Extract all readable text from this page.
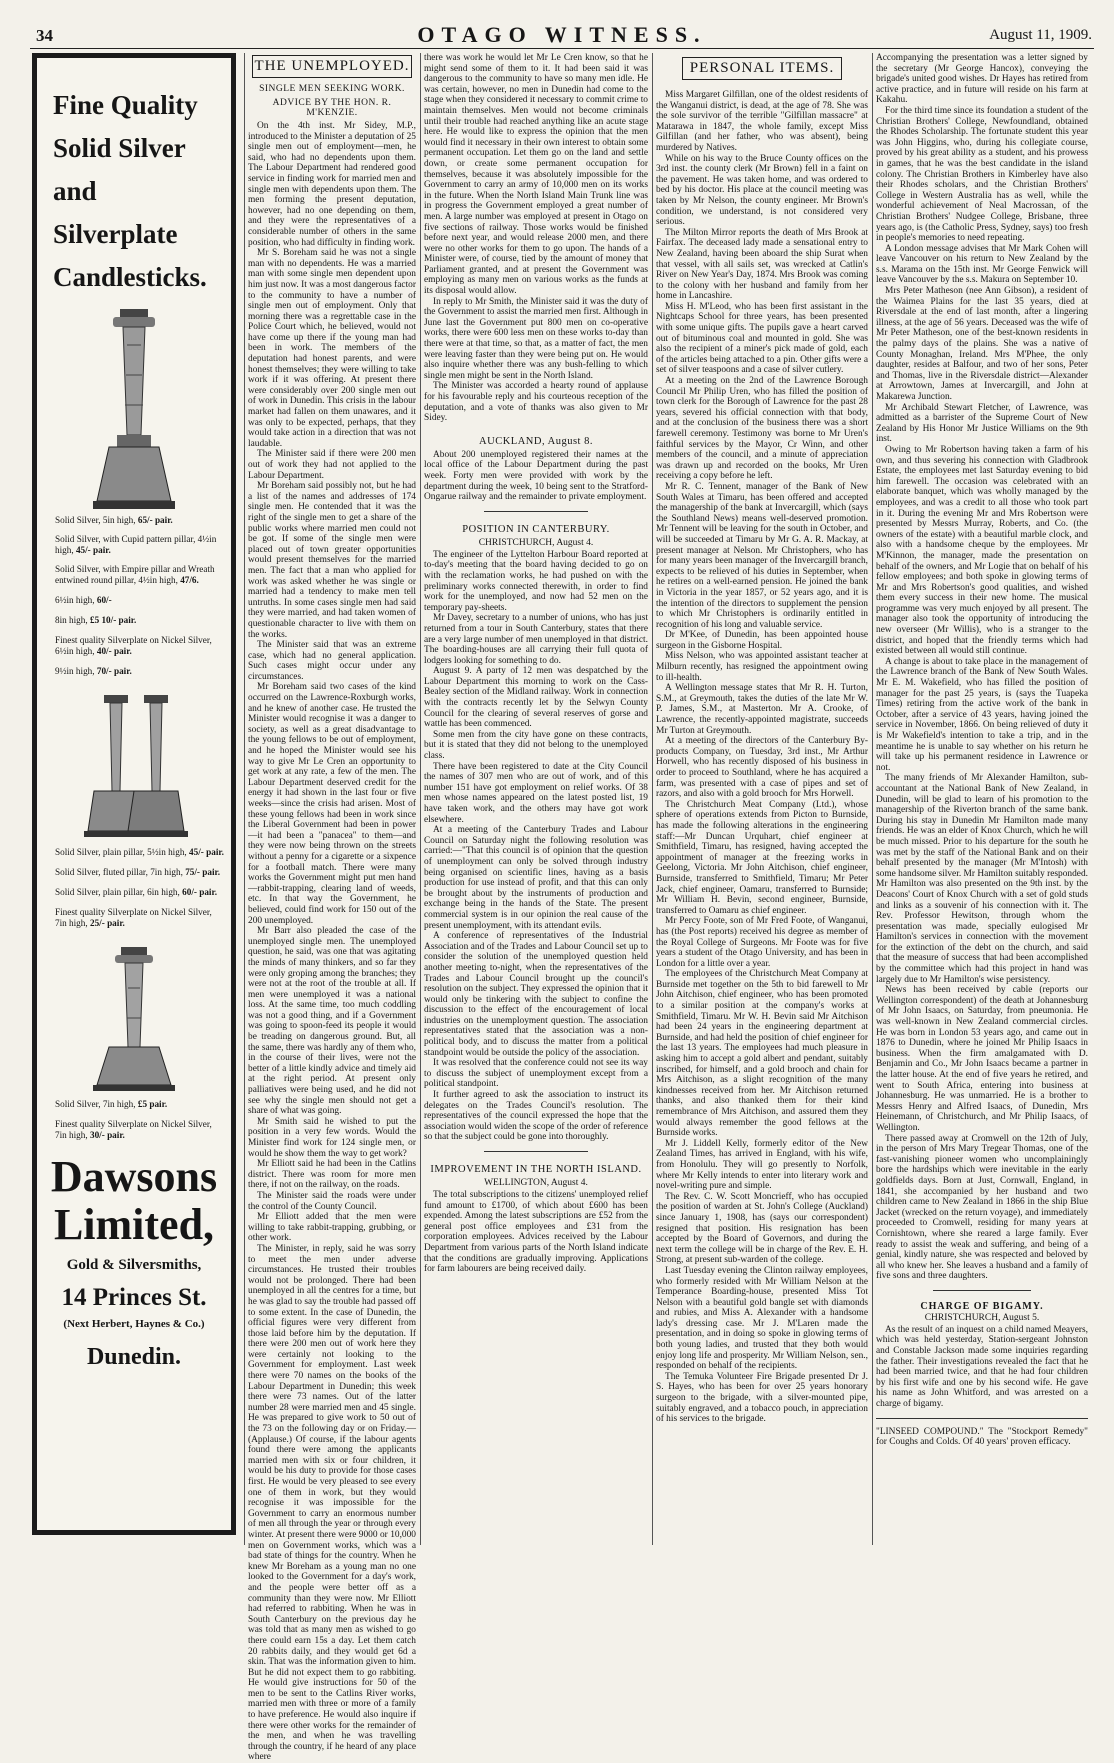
34	OTAGO WITNESS.	August 11, 1909.
Fine Quality
Solid Silver and
Silverplate
Candlesticks.
Solid Silver, 5in high, 65/- pair.
Solid Silver, with Cupid pattern pillar, 4½in high, 45/- pair.
Solid Silver, with Empire pillar and Wreath entwined round pillar, 4½in high, 47/6.
6½in high, 60/-
8in high, £5 10/- pair.
Finest quality Silverplate on Nickel Silver, 6½in high, 40/- pair.
9½in high, 70/- pair.
Solid Silver, plain pillar, 5½in high, 45/- pair.
Solid Silver, fluted pillar, 7in high, 75/- pair.
Solid Silver, plain pillar, 6in high, 60/- pair.
Finest quality Silverplate on Nickel Silver, 7in high, 25/- pair.
Solid Silver, 7in high, £5 pair.
Finest quality Silverplate on Nickel Silver, 7in high, 30/- pair.
Dawsons
Limited,
Gold & Silversmiths,
14 Princes St.
(Next Herbert, Haynes & Co.)
Dunedin.
THE UNEMPLOYED.
SINGLE MEN SEEKING WORK.
ADVICE BY THE HON. R. M'KENZIE.

On the 4th inst. Mr Sidey, M.P., introduced to the Minister a deputation of 25 single men out of employment—men, he said, who had no dependents upon them. The Labour Department had rendered good service in finding work for married men and single men with dependents upon them. The men forming the present deputation, however, had no one depending on them, and they were the representatives of a considerable number of others in the same position, who had difficulty in finding work.

Mr S. Boreham said he was not a single man with no dependents. He was a married man with some single men dependent upon him just now. It was a most dangerous factor to the community to have a number of single men out of employment. Only that morning there was a regrettable case in the Police Court which, he believed, would not have come up there if the young man had been in work. The members of the deputation had honest parents, and were honest themselves; they were willing to take work if it was offering. At present there were considerably over 200 single men out of work in Dunedin. This crisis in the labour market had fallen on them unawares, and it was only to be expected, perhaps, that they would take action in a direction that was not laudable.

The Minister said if there were 200 men out of work they had not applied to the Labour Department.

Mr Boreham said possibly not, but he had a list of the names and addresses of 174 single men. He contended that it was the right of the single men to get a share of the public works where married men could not be got. If some of the single men were placed out of town greater opportunities would present themselves for the married men. The fact that a man who applied for work was asked whether he was single or married had a tendency to make men tell untruths. In some cases single men had said they were married, and had taken women of questionable character to live with them on the works.

The Minister said that was an extreme case, which had no general application. Such cases might occur under any circumstances.

Mr Boreham said two cases of the kind occurred on the Lawrence-Roxburgh works, and he knew of another case. He trusted the Minister would recognise it was a danger to society, as well as a great disadvantage to the young fellows to be out of employment, and he hoped the Minister would see his way to give Mr Le Cren an opportunity to get work at any rate, a few of the men. The Labour Department deserved credit for the energy it had shown in the last four or five weeks—since the crisis had arisen. Most of these young fellows had been in work since the Liberal Government had been in power—it had been a "panacea" to them—and they were now being thrown on the streets without a penny for a cigarette or a sixpence for a football match. There were many works the Government might put men hand—rabbit-trapping, clearing land of weeds, etc. In that way the Government, he believed, could find work for 150 out of the 200 unemployed.

Mr Barr also pleaded the case of the unemployed single men. The unemployed question, he said, was one that was agitating the minds of many thinkers, and so far they were only groping among the branches; they were not at the root of the trouble at all. If men were unemployed it was a national loss. At the same time, too much coddling was not a good thing, and if a Government was going to spoon-feed its people it would be treading on dangerous ground. But, all the same, there was hardly any of them who, in the course of their lives, were not the better of a little kindly advice and timely aid at the right period. At present only palliatives were being used, and he did not see why the single men should not get a share of what was going.

Mr Smith said he wished to put the position in a very few words. Would the Minister find work for 124 single men, or would he show them the way to get work?

Mr Elliott said he had been in the Catlins district. There was room for more men there, if not on the railway, on the roads.

The Minister said the roads were under the control of the County Council.

Mr Elliott added that the men were willing to take rabbit-trapping, grubbing, or other work.

The Minister, in reply, said he was sorry to meet the men under adverse circumstances. He trusted their troubles would not be prolonged. There had been unemployed in all the centres for a time, but he was glad to say the trouble had passed off to some extent. In the case of Dunedin, the official figures were very different from those laid before him by the deputation. If there were 200 men out of work here they were certainly not looking to the Government for employment. Last week there were 70 names on the books of the Labour Department in Dunedin; this week there were 73 names. Out of the latter number 28 were married men and 45 single. He was prepared to give work to 50 out of the 73 on the following day or on Friday.—(Applause.) Of course, if the labour agents found there were among the applicants married men with six or four children, it would be his duty to provide for those cases first. He would be very pleased to see every one of them in work, but they would recognise it was impossible for the Government to carry an enormous number of men all through the year or through every winter. At present there were 9000 or 10,000 men on Government works, which was a bad state of things for the country. When he knew Mr Boreham as a young man no one looked to the Government for a day's work, and the people were better off as a community than they were now. Mr Elliott had referred to rabbiting. When he was in South Canterbury on the previous day he was told that as many men as wished to go there could earn 15s a day. Let them catch 20 rabbits daily, and they would get 6d a skin. That was the information given to him. But he did not expect them to go rabbiting. He would give instructions for 50 of the men to be sent to the Catlins River works, married men with three or more of a family to have preference. He would also inquire if there were other works for the remainder of the men, and when he was travelling through the country, if he heard of any place where

there was work he would let Mr Le Cren know, so that he might send some of them to it. It had been said it was dangerous to the community to have so many men idle. He was certain, however, no men in Dunedin had come to the stage when they considered it necessary to commit crime to maintain themselves. Men would not become criminals until their trouble had reached anything like an acute stage here. He would like to express the opinion that the men would find it necessary in their own interest to obtain some permanent occupation. Let them go on the land and settle down, or create some permanent occupation for themselves, because it was absolutely impossible for the Government to carry an army of 10,000 men on its works in the future. When the North Island Main Trunk line was in progress the Government employed a great number of men. A large number was employed at present in Otago on five sections of railway. Those works would be finished before next year, and would release 2000 men, and there were no other works for them to go upon. The hands of a Minister were, of course, tied by the amount of money that Parliament granted, and at present the Government was employing as many men on various works as the funds at its disposal would allow.

In reply to Mr Smith, the Minister said it was the duty of the Government to assist the married men first. Although in June last the Government put 800 men on co-operative works, there were 600 less men on these works to-day than there were at that time, so that, as a matter of fact, the men were leaving faster than they were being put on. He would also inquire whether there was any bush-felling to which single men might be sent in the North Island.

The Minister was accorded a hearty round of applause for his favourable reply and his courteous reception of the deputation, and a vote of thanks was also given to Mr Sidey.

AUCKLAND, August 8.

About 200 unemployed registered their names at the local office of the Labour Department during the past week. Forty men were provided with work by the department during the week, 10 being sent to the Stratford-Ongarue railway and the remainder to private employment.

POSITION IN CANTERBURY.
CHRISTCHURCH, August 4.

The engineer of the Lyttelton Harbour Board reported at to-day's meeting that the board having decided to go on with the reclamation works, he had pushed on with the preliminary works connected therewith, in order to find work for the unemployed, and now had 52 men on the temporary pay-sheets.

Mr Davey, secretary to a number of unions, who has just returned from a tour in South Canterbury, states that there are a very large number of men unemployed in that district. The boarding-houses are all carrying their full quota of lodgers looking for something to do.

August 9. A party of 12 men was despatched by the Labour Department this morning to work on the Cass-Bealey section of the Midland railway. Work in connection with the contracts recently let by the Selwyn County Council for the clearing of several reserves of gorse and wattle has been commenced.

Some men from the city have gone on these contracts, but it is stated that they did not belong to the unemployed class.

There have been registered to date at the City Council the names of 307 men who are out of work, and of this number 151 have got employment on relief works. Of 38 men whose names appeared on the latest posted list, 19 have taken work, and the others may have got work elsewhere.

At a meeting of the Canterbury Trades and Labour Council on Saturday night the following resolution was carried:—"That this council is of opinion that the question of unemployment can only be solved through industry being organised on scientific lines, having as a basis production for use instead of profit, and that this can only be brought about by the instruments of production and exchange being in the hands of the State. The present commercial system is in our opinion the real cause of the present unemployment, with its attendant evils.

A conference of representatives of the Industrial Association and of the Trades and Labour Council set up to consider the solution of the unemployed question held another meeting to-night, when the representatives of the Trades and Labour Council brought up the council's resolution on the subject. They expressed the opinion that it would only be tinkering with the subject to confine the discussion to the effect of the encouragement of local industries on the unemployment question. The association representatives stated that the association was a non-political body, and to discuss the matter from a political standpoint would be outside the policy of the association.

It was resolved that the conference could not see its way to discuss the subject of unemployment except from a political standpoint.

It further agreed to ask the association to instruct its delegates on the Trades Council's resolution. The representatives of the council expressed the hope that the association would widen the scope of the order of reference so that the subject could be gone into thoroughly.

IMPROVEMENT IN THE NORTH ISLAND.
WELLINGTON, August 4.

The total subscriptions to the citizens' unemployed relief fund amount to £1700, of which about £600 has been expended. Among the latest subscriptions are £52 from the general post office employees and £31 from the corporation employees. Advices received by the Labour Department from various parts of the North Island indicate that the conditions are gradually improving. Applications for farm labourers are being received daily.

PERSONAL ITEMS.

Miss Margaret Gilfillan, one of the oldest residents of the Wanganui district, is dead, at the age of 78. She was the sole survivor of the terrible "Gilfillan massacre" at Matarawa in 1847, the whole family, except Miss Gilfillan (and her father, who was absent), being murdered by Natives.

While on his way to the Bruce County offices on the 3rd inst. the county clerk (Mr Brown) fell in a faint on the pavement. He was taken home, and was ordered to bed by his doctor. His place at the council meeting was taken by Mr Nelson, the county engineer. Mr Brown's condition, we understand, is not considered very serious.

The Milton Mirror reports the death of Mrs Brook at Fairfax. The deceased lady made a sensational entry to New Zealand, having been aboard the ship Surat when that vessel, with all sails set, was wrecked at Catlin's River on New Year's Day, 1874. Mrs Brook was coming to the colony with her husband and family from her home in Lancashire.

Miss H. M'Leod, who has been first assistant in the Nightcaps School for three years, has been presented with some unique gifts. The pupils gave a heart carved out of bituminous coal and mounted in gold. She was also the recipient of a miner's pick made of gold, each of the articles being attached to a pin. Other gifts were a set of silver teaspoons and a case of silver cutlery.

At a meeting on the 2nd of the Lawrence Borough Council Mr Philip Uren, who has filled the position of town clerk for the Borough of Lawrence for the past 28 years, severed his official connection with that body, and at the conclusion of the business there was a short farewell ceremony. Testimony was borne to Mr Uren's faithful services by the Mayor, Cr Winn, and other members of the council, and a minute of appreciation was drawn up and recorded on the books, Mr Uren receiving a copy before he left.

Mr R. C. Tennent, manager of the Bank of New South Wales at Timaru, has been offered and accepted the managership of the bank at Invercargill, which (says the Southland News) means well-deserved promotion. Mr Tennent will be leaving for the south in October, and will be succeeded at Timaru by Mr G. A. R. Mackay, at present manager at Nelson. Mr Christophers, who has for many years been manager of the Invercargill branch, expects to be relieved of his duties in September, when he retires on a well-earned pension. He joined the bank in Victoria in the year 1857, or 52 years ago, and it is the intention of the directors to supplement the pension to which Mr Christophers is ordinarily entitled in recognition of his long and valuable service.

Dr M'Kee, of Dunedin, has been appointed house surgeon in the Gisborne Hospital.

Miss Nelson, who was appointed assistant teacher at Milburn recently, has resigned the appointment owing to ill-health.

A Wellington message states that Mr R. H. Turton, S.M., at Greymouth, takes the duties of the late Mr W. P. James, S.M., at Masterton. Mr A. Crooke, of Lawrence, the recently-appointed magistrate, succeeds Mr Turton at Greymouth.

At a meeting of the directors of the Canterbury By-products Company, on Tuesday, 3rd inst., Mr Arthur Horwell, who has recently disposed of his business in order to proceed to Southland, where he has acquired a farm, was presented with a case of pipes and set of razors, and also with a gold brooch for Mrs Horwell.

The Christchurch Meat Company (Ltd.), whose sphere of operations extends from Picton to Burnside, has made the following alterations in the engineering staff:—Mr Duncan Urquhart, chief engineer at Smithfield, Timaru, has resigned, having accepted the appointment of manager at the freezing works in Geelong, Victoria. Mr John Aitchison, chief engineer, Burnside, transferred to Smithfield, Timaru; Mr Peter Jack, chief engineer, Oamaru, transferred to Burnside; Mr William H. Bevin, second engineer, Burnside, transferred to Oamaru as chief engineer.

Mr Percy Foote, son of Mr Fred Foote, of Wanganui, has (the Post reports) received his degree as member of the Royal College of Surgeons. Mr Foote was for five years a student of the Otago University, and has been in London for a little over a year.

The employees of the Christchurch Meat Company at Burnside met together on the 5th to bid farewell to Mr John Aitchison, chief engineer, who has been promoted to a similar position at the company's works at Smithfield, Timaru. Mr W. H. Bevin said Mr Aitchison had been 24 years in the engineering department at Burnside, and had held the position of chief engineer for the last 13 years. The employees had much pleasure in asking him to accept a gold albert and pendant, suitably inscribed, for himself, and a gold brooch and chain for Mrs Aitchison, as a slight recognition of the many kindnesses received from her. Mr Aitchison returned thanks, and also thanked them for their kind remembrance of Mrs Aitchison, and assured them they would always remember the good fellows at the Burnside works.

Mr J. Liddell Kelly, formerly editor of the New Zealand Times, has arrived in England, with his wife, from Honolulu. They will go presently to Norfolk, where Mr Kelly intends to enter into literary work and novel-writing pure and simple.

The Rev. C. W. Scott Moncrieff, who has occupied the position of warden at St. John's College (Auckland) since January 1, 1908, has (says our correspondent) resigned that position. His resignation has been accepted by the Board of Governors, and during the next term the college will be in charge of the Rev. E. H. Strong, at present sub-warden of the college.

Last Tuesday evening the Clinton railway employees, who formerly resided with Mr William Nelson at the Temperance Boarding-house, presented Miss Tot Nelson with a beautiful gold bangle set with diamonds and rubies, and Miss A. Alexander with a handsome lady's dressing case. Mr J. M'Laren made the presentation, and in doing so spoke in glowing terms of both young ladies, and trusted that they both would enjoy long life and prosperity. Mr William Nelson, sen., responded on behalf of the recipients.

The Temuka Volunteer Fire Brigade presented Dr J. S. Hayes, who has been for over 25 years honorary surgeon to the brigade, with a silver-mounted pipe, suitably engraved, and a tobacco pouch, in appreciation of his services to the brigade.

Accompanying the presentation was a letter signed by the secretary (Mr George Hancox), conveying the brigade's united good wishes. Dr Hayes has retired from active practice, and in future will reside on his farm at Kakahu.

For the third time since its foundation a student of the Christian Brothers' College, Newfoundland, obtained the Rhodes Scholarship. The fortunate student this year was John Higgins, who, during his collegiate course, proved by his great ability as a student, and his prowess in games, that he was the best candidate in the island colony. The Christian Brothers in Kimberley have also their Rhodes scholars, and the Christian Brothers' College in Western Australia has as well, while the wonderful achievement of Neal Macrossan, of the Christian Brothers' Nudgee College, Brisbane, three years ago, is (the Catholic Press, Sydney, says) too fresh in people's memories to need repeating.

A London message advises that Mr Mark Cohen will leave Vancouver on his return to New Zealand by the s.s. Marama on the 15th inst. Mr George Fenwick will leave Vancouver by the s.s. Makura on September 10.

Mrs Peter Matheson (nee Ann Gibson), a resident of the Waimea Plains for the last 35 years, died at Riversdale at the end of last month, after a lingering illness, at the age of 56 years. Deceased was the wife of Mr Peter Matheson, one of the best-known residents in the palmy days of the plains. She was a native of County Monaghan, Ireland. Mrs M'Phee, the only daughter, resides at Balfour, and two of her sons, Peter and Thomas, live in the Riversdale district—Alexander at Arrowtown, James at Invercargill, and John at Makarewa Junction.

Mr Archibald Stewart Fletcher, of Lawrence, was admitted as a barrister of the Supreme Court of New Zealand by His Honor Mr Justice Williams on the 9th inst.

Owing to Mr Robertson having taken a farm of his own, and thus severing his connection with Gladbrook Estate, the employees met last Saturday evening to bid him farewell. The occasion was celebrated with an elaborate banquet, which was wholly managed by the employees, and was a credit to all those who took part in it. During the evening Mr and Mrs Robertson were presented by Messrs Murray, Roberts, and Co. (the owners of the estate) with a beautiful marble clock, and also with a handsome cheque by the employees. Mr M'Kinnon, the manager, made the presentation on behalf of the owners, and Mr Logie that on behalf of his fellow employees; and both spoke in glowing terms of Mr and Mrs Robertson's good qualities, and wished them every success in their new home. The musical programme was very much enjoyed by all present. The manager also took the opportunity of introducing the new overseer (Mr Willis), who is a stranger to the district, and hoped that the friendly terms which had existed between all would still continue.

A change is about to take place in the management of the Lawrence branch of the Bank of New South Wales. Mr E. M. Wakefield, who has filled the position of manager for the past 25 years, is (says the Tuapeka Times) retiring from the active work of the bank in October, after a service of 43 years, having joined the service in November, 1866. On being relieved of duty it is Mr Wakefield's intention to take a trip, and in the meantime he is unable to say whether on his return he will take up his permanent residence in Lawrence or not.

The many friends of Mr Alexander Hamilton, sub-accountant at the National Bank of New Zealand, in Dunedin, will be glad to learn of his promotion to the managership of the Riverton branch of the same bank. During his stay in Dunedin Mr Hamilton made many friends. He was an elder of Knox Church, which he will be much missed. Prior to his departure for the south he was met by the staff of the National Bank and on their behalf presented by the manager (Mr M'Intosh) with some handsome silver. Mr Hamilton suitably responded. Mr Hamilton was also presented on the 9th inst. by the Deacons' Court of Knox Church with a set of gold studs and links as a souvenir of his connection with it. The Rev. Professor Hewitson, through whom the presentation was made, specially eulogised Mr Hamilton's services in connection with the movement for the extinction of the debt on the church, and said that the measure of success that had been accomplished by the committee which had this project in hand was largely due to Mr Hamilton's wise persistency.

News has been received by cable (reports our Wellington correspondent) of the death at Johannesburg of Mr John Isaacs, on Saturday, from pneumonia. He was well-known in New Zealand commercial circles. He was born in London 53 years ago, and came out in 1876 to Dunedin, where he joined Mr Philip Isaacs in business. When the firm amalgamated with D. Benjamin and Co., Mr John Isaacs became a partner in the latter house. At the end of five years he retired, and went to South Africa, entering into business at Johannesburg. He was unmarried. He is a brother to Messrs Henry and Alfred Isaacs, of Dunedin, Mrs Heinemann, of Christchurch, and Mr Philip Isaacs, of Wellington.

There passed away at Cromwell on the 12th of July, in the person of Mrs Mary Tregear Thomas, one of the fast-vanishing pioneer women who uncomplainingly bore the hardships which were inevitable in the early goldfields days. Born at Just, Cornwall, England, in 1841, she accompanied by her husband and two children came to New Zealand in 1866 in the ship Blue Jacket (wrecked on the return voyage), and immediately proceeded to Cromwell, residing for many years at Cornishtown, where she reared a large family. Ever ready to assist the weak and suffering, and being of a genial, kindly nature, she was respected and beloved by all who knew her. She leaves a husband and a family of five sons and three daughters.

CHARGE OF BIGAMY.
CHRISTCHURCH, August 5.

As the result of an inquest on a child named Meayers, which was held yesterday, Station-sergeant Johnston and Constable Jackson made some inquiries regarding the father. Their investigations revealed the fact that he had been married twice, and that he had four children by his first wife and one by his second wife. He gave his name as John Whitford, and was arrested on a charge of bigamy.

"LINSEED COMPOUND." The "Stockport Remedy" for Coughs and Colds. Of 40 years' proven efficacy.
